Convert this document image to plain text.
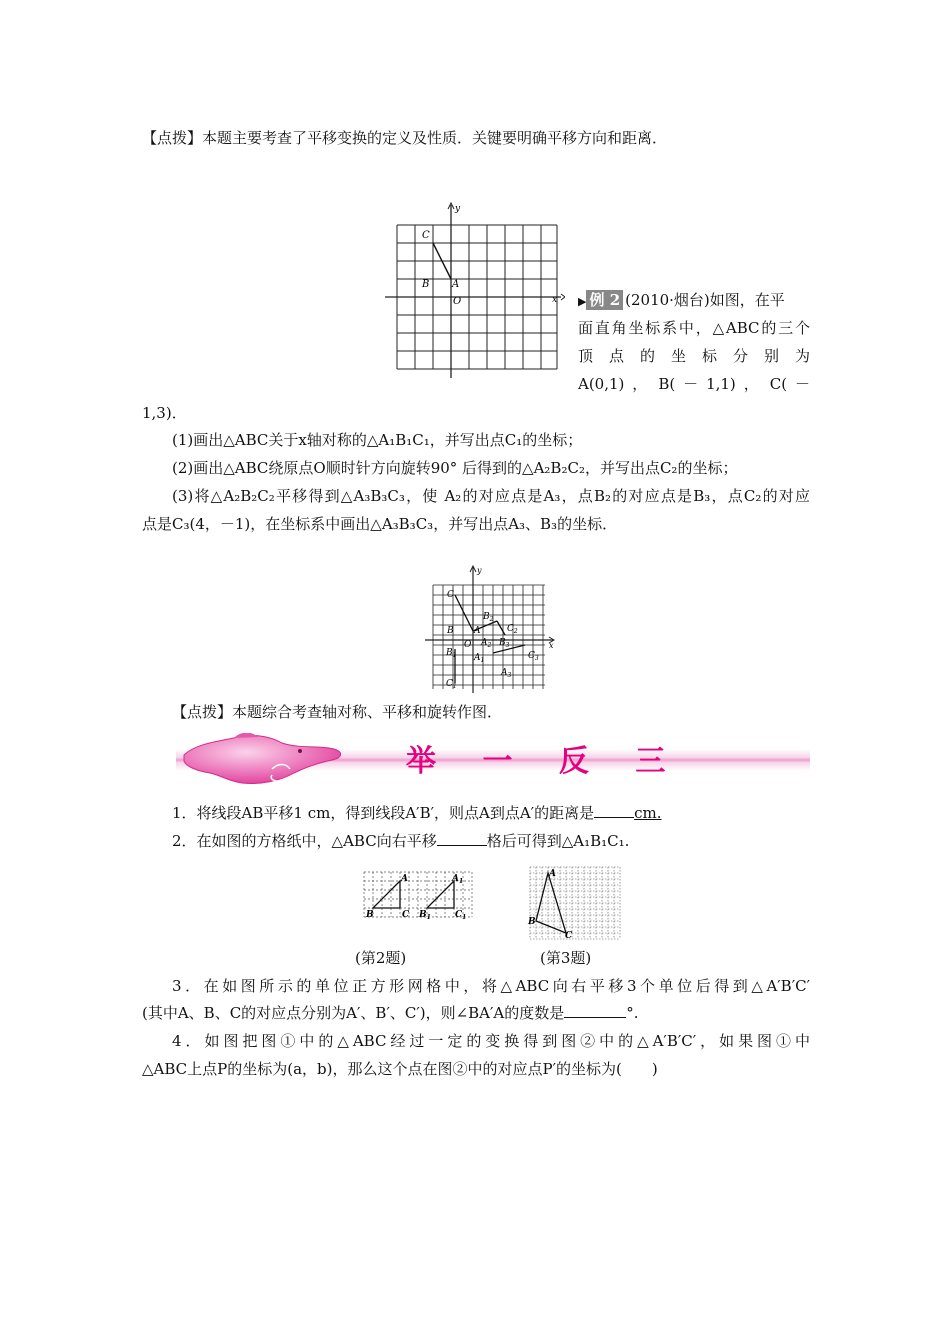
【点拨】本题主要考查了平移变换的定义及性质．关键要明确平移方向和距离．
y
x
C
B A
O	▶ 例 2 (2010·烟台)如图，在平
面直角坐标系中，△ABC的三个
顶 点 的 坐 标 分 别 为
A(0,1) ， B( － 1,1) ， C( －
1,3)．
(1)画出△ABC关于x轴对称的△A₁B₁C₁，并写出点C₁的坐标；
(2)画出△ABC绕原点O顺时针方向旋转90° 后得到的△A₂B₂C₂，并写出点C₂的坐标；
(3)将△A₂B₂C₂平移得到△A₃B₃C₃，使 A₂的对应点是A₃，点B₂的对应点是B₃，点C₂的对应
点是C₃(4，－1)，在坐标系中画出△A₃B₃C₃，并写出点A₃、B₃的坐标．
y
x
C
B A
O
$B_2$
$A_2$
$C_2$
$B_3$
$C_3$
$A_3$
$B_1$ $A_1$
$C_1$
【点拨】本题综合考查轴对称、平移和旋转作图．
举 一 反 三
1．将线段AB平移1 cm，得到线段A′B′，则点A到点A′的距离是	cm.
2．在如图的方格纸中，△ABC向右平移	格后可得到△A₁B₁C₁.
A
B	C
$A_1$
$B_1$	$C_1$
A
B
C
(第2题)	(第3题)
3．在如图所示的单位正方形网格中，将△ABC向右平移3个单位后得到△A′B′C′
(其中A、B、C的对应点分别为A′、B′、C′)，则∠BA′A的度数是	°.
4．如图把图①中的△ABC经过一定的变换得到图②中的△A′B′C′，如果图①中
△ABC上点P的坐标为(a，b)，那么这个点在图②中的对应点P′的坐标为(　　)
